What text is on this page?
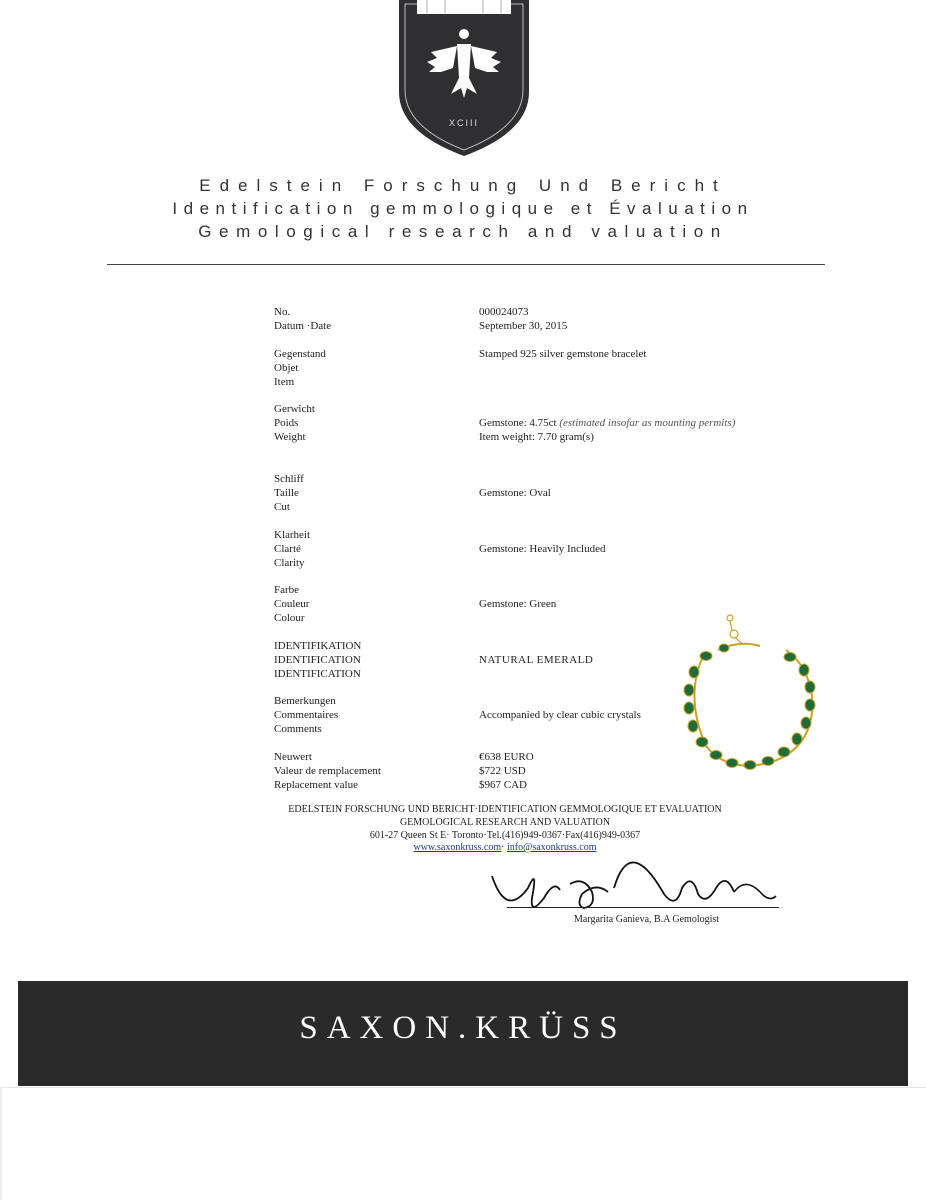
XCIII
Edelstein Forschung Und Bericht
Identification gemmologique et Évaluation
Gemological research and valuation
No.
Datum ·Date
000024073
September 30, 2015
Gegenstand
Objet
Item
Stamped 925 silver gemstone bracelet
Gerwicht
Poids
Weight
Gemstone: 4.75ct (estimated insofar as mounting permits)
Item weight: 7.70 gram(s)
Schliff
Taille
Cut
Gemstone: Oval
Klarheit
Clarté
Clarity
Gemstone: Heavily Included
Farbe
Couleur
Colour
Gemstone: Green
IDENTIFIKATION
IDENTIFICATION
IDENTIFICATION
NATURAL EMERALD
Bemerkungen
Commentaires
Comments
Accompanied by clear cubic crystals
Neuwert
Valeur de remplacement
Replacement value
€638 EURO
$722 USD
$967 CAD
EDELSTEIN FORSCHUNG UND BERICHT·IDENTIFICATION GEMMOLOGIQUE ET EVALUATION
GEMOLOGICAL RESEARCH AND VALUATION
601-27 Queen St E· Toronto·Tel.(416)949-0367·Fax(416)949-0367
www.saxonkruss.com· info@saxonkruss.com
Margarita Ganieva, B.A Gemologist
SAXON.KRÜSS
